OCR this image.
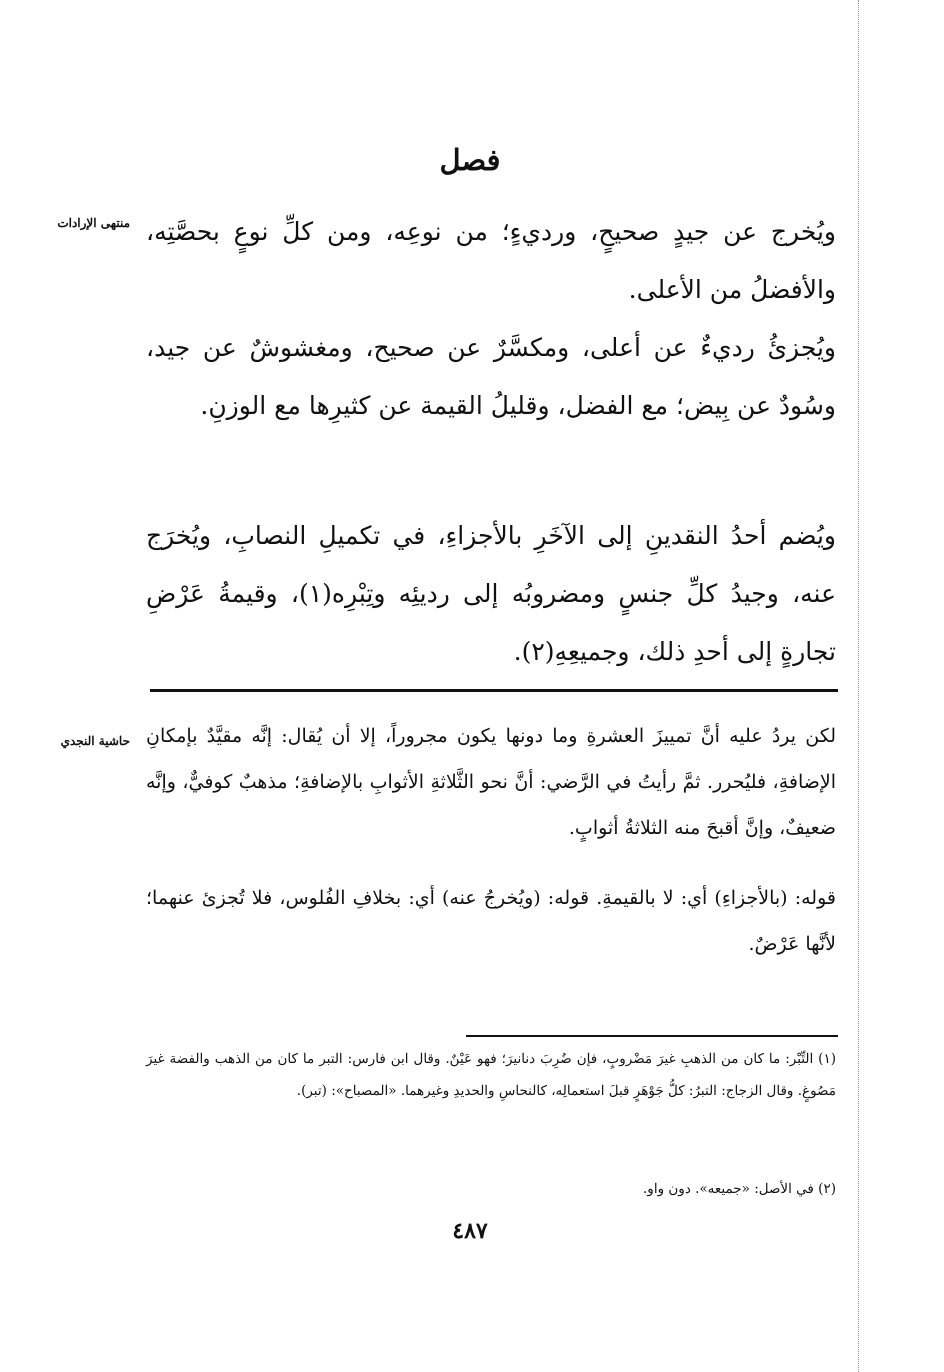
فصل
منتهى الإرادات ويُخرج عن جيدٍ صحيحٍ، ورديءٍ؛ من نوعِه، ومن كلِّ نوعٍ بحصَّتِه، والأفضلُ من الأعلى.

ويُجزئُ رديءٌ عن أعلى، ومكسَّرٌ عن صحيح، ومغشوشٌ عن جيد، وسُودٌ عن بِيض؛ مع الفضل، وقليلُ القيمة عن كثيرِها مع الوزنِ.

ويُضم أحدُ النقدينِ إلى الآخَرِ بالأجزاءِ، في تكميلِ النصابِ، ويُخرَج عنه، وجيدُ كلِّ جنسٍ ومضروبُه إلى رديئِه وتِبْرِه(١)، وقيمةُ عَرْضِ تجارةٍ إلى أحدِ ذلك، وجميعِهِ(٢).

حاشية النجدي لكن يردُ عليه أنَّ تمييزَ العشرةِ وما دونها يكون مجروراً، إلا أن يُقال: إنَّه مقيَّدٌ بإمكانِ الإضافةِ، فليُحرر. ثمَّ رأيتُ في الرَّضي: أنَّ نحو الثَّلاثةِ الأثوابِ بالإضافةِ؛ مذهبٌ كوفيٌّ، وإنَّه ضعيفٌ، وإنَّ أقبحَ منه الثلاثةُ أثوابٍ.

قوله: (بالأجزاءِ) أي: لا بالقيمةِ. قوله: (ويُخرجُ عنه) أي: بخلافِ الفُلوس، فلا تُجزئ عنهما؛ لأنَّها عَرْضٌ.

(١) التِّبْر: ما كان من الذهبِ غيرَ مَضْروبٍ، فإن ضُرِبَ دنانيرَ؛ فهو عَيْنٌ. وقال ابن فارس: التبر ما كان من الذهب والفضة غيرَ مَصُوغٍ. وقال الزجاج: التبرُ: كلُّ جَوْهَرٍ قبلَ استعمالِه، كالنحاسِ والحديدِ وغيرهما. «المصباح»: (تبر).

(٢) في الأصل: «جميعه». دون واو.

٤٨٧
